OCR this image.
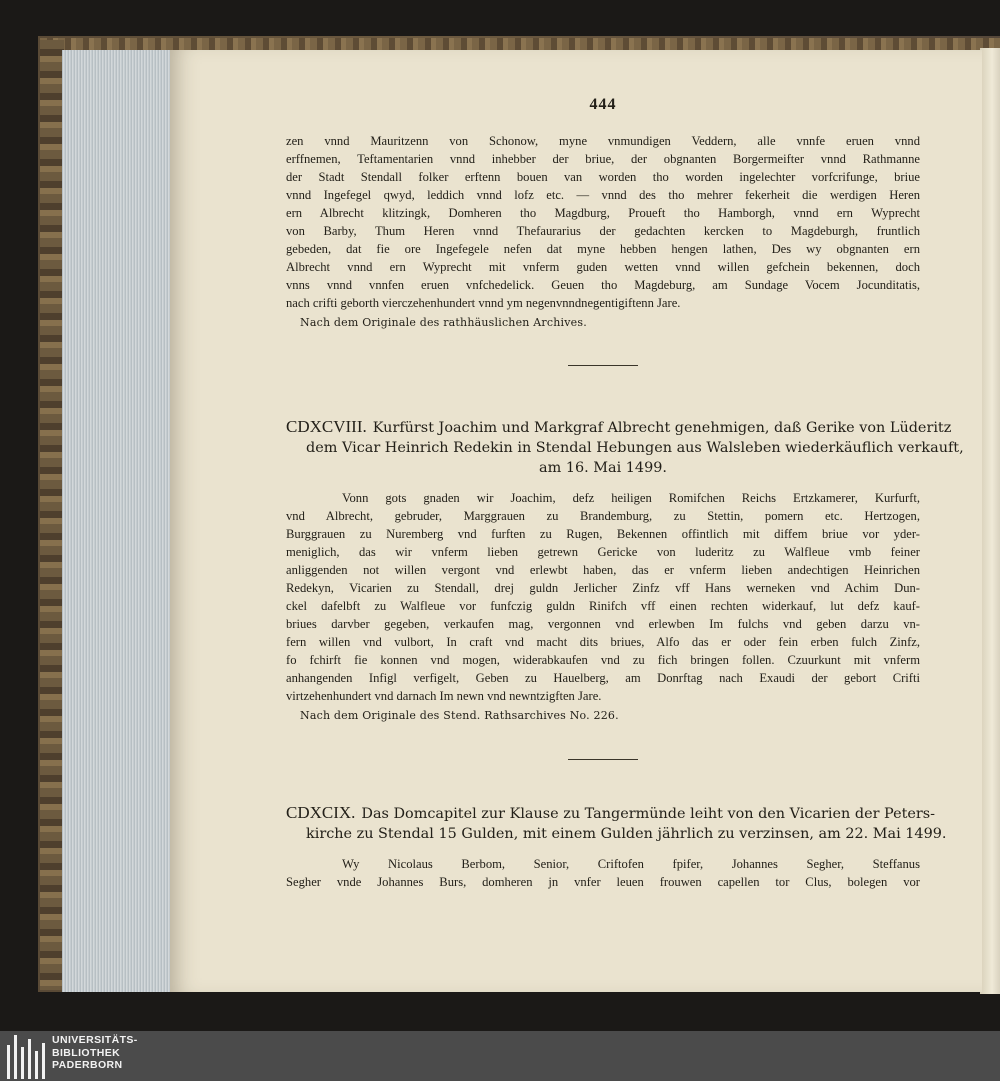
444
zen vnnd Mauritzenn von Schonow, myne vnmundigen Veddern, alle vnnfe eruen vnnd
erffnemen, Teftamentarien vnnd inhebber der briue, der obgnanten Borgermeifter vnnd Rathmanne
der Stadt Stendall folker erftenn bouen van worden tho worden ingelechter vorfcrifunge, briue
vnnd Ingefegel qwyd, leddich vnnd lofz etc. — vnnd des tho mehrer fekerheit die werdigen Heren
ern Albrecht klitzingk, Domheren tho Magdburg, Proueft tho Hamborgh, vnnd ern Wyprecht
von Barby, Thum Heren vnnd Thefaurarius der gedachten kercken to Magdeburgh, fruntlich
gebeden, dat fie ore Ingefegele nefen dat myne hebben hengen lathen, Des wy obgnanten ern
Albrecht vnnd ern Wyprecht mit vnferm guden wetten vnnd willen gefchein bekennen, doch
vnns vnnd vnnfen eruen vnfchedelick. Geuen tho Magdeburg, am Sundage Vocem Jocunditatis,
nach crifti geborth vierczehenhundert vnnd ym negenvnndnegentigiftenn Jare.
Nach dem Originale des rathhäuslichen Archives.
CDXCVIII. Kurfürst Joachim und Markgraf Albrecht genehmigen, daß Gerike von Lüderitz
dem Vicar Heinrich Redekin in Stendal Hebungen aus Walsleben wiederkäuflich verkauft,
am 16. Mai 1499.
Vonn gots gnaden wir Joachim, defz heiligen Romifchen Reichs Ertzkamerer, Kurfurft,
vnd Albrecht, gebruder, Marggrauen zu Brandemburg, zu Stettin, pomern etc. Hertzogen,
Burggrauen zu Nuremberg vnd furften zu Rugen, Bekennen offintlich mit diffem briue vor yder-
meniglich, das wir vnferm lieben getrewn Gericke von luderitz zu Walfleue vmb feiner
anliggenden not willen vergont vnd erlewbt haben, das er vnferm lieben andechtigen Heinrichen
Redekyn, Vicarien zu Stendall, drej guldn Jerlicher Zinfz vff Hans werneken vnd Achim Dun-
ckel dafelbft zu Walfleue vor funfczig guldn Rinifch vff einen rechten widerkauf, lut defz kauf-
briues darvber gegeben, verkaufen mag, vergonnen vnd erlewben Im fulchs vnd geben darzu vn-
fern willen vnd vulbort, In craft vnd macht dits briues, Alfo das er oder fein erben fulch Zinfz,
fo fchirft fie konnen vnd mogen, widerabkaufen vnd zu fich bringen follen. Czuurkunt mit vnferm
anhangenden Infigl verfigelt, Geben zu Hauelberg, am Donrftag nach Exaudi der gebort Crifti
virtzehenhundert vnd darnach Im newn vnd newntzigften Jare.
Nach dem Originale des Stend. Rathsarchives No. 226.
CDXCIX. Das Domcapitel zur Klause zu Tangermünde leiht von den Vicarien der Peters-
kirche zu Stendal 15 Gulden, mit einem Gulden jährlich zu verzinsen, am 22. Mai 1499.
Wy Nicolaus Berbom, Senior, Criftofen fpifer, Johannes Segher, Steffanus
Segher vnde Johannes Burs, domheren jn vnfer leuen frouwen capellen tor Clus, bolegen vor
UNIVERSITÄTS-
BIBLIOTHEK
PADERBORN
